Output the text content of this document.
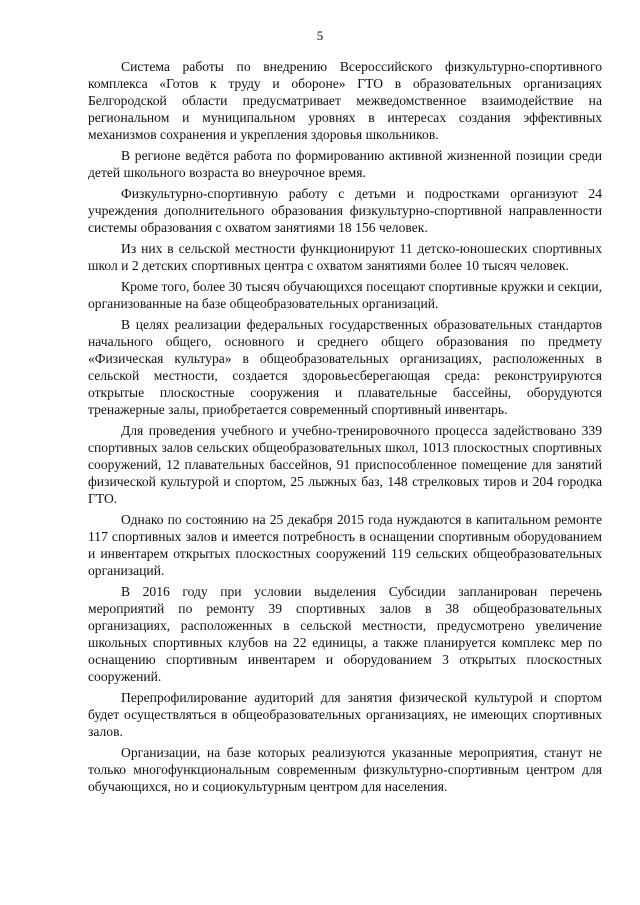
5

Система работы по внедрению Всероссийского физкультурно-спортивного комплекса «Готов к труду и обороне» ГТО в образовательных организациях Белгородской области предусматривает межведомственное взаимодействие на региональном и муниципальном уровнях в интересах создания эффективных механизмов сохранения и укрепления здоровья школьников.

В регионе ведётся работа по формированию активной жизненной позиции среди детей школьного возраста во внеурочное время.

Физкультурно-спортивную работу с детьми и подростками организуют 24 учреждения дополнительного образования физкультурно-спортивной направленности системы образования с охватом занятиями 18 156 человек.

Из них в сельской местности функционируют 11 детско-юношеских спортивных школ и 2 детских спортивных центра с охватом занятиями более 10 тысяч человек.

Кроме того, более 30 тысяч обучающихся посещают спортивные кружки и секции, организованные на базе общеобразовательных организаций.

В целях реализации федеральных государственных образовательных стандартов начального общего, основного и среднего общего образования по предмету «Физическая культура» в общеобразовательных организациях, расположенных в сельской местности, создается здоровьесберегающая среда: реконструируются открытые плоскостные сооружения и плавательные бассейны, оборудуются тренажерные залы, приобретается современный спортивный инвентарь.

Для проведения учебного и учебно-тренировочного процесса задействовано 339 спортивных залов сельских общеобразовательных школ, 1013 плоскостных спортивных сооружений, 12 плавательных бассейнов, 91 приспособленное помещение для занятий физической культурой и спортом, 25 лыжных баз, 148 стрелковых тиров и 204 городка ГТО.

Однако по состоянию на 25 декабря 2015 года нуждаются в капитальном ремонте 117 спортивных залов и имеется потребность в оснащении спортивным оборудованием и инвентарем открытых плоскостных сооружений 119 сельских общеобразовательных организаций.

В 2016 году при условии выделения Субсидии запланирован перечень мероприятий по ремонту 39 спортивных залов в 38 общеобразовательных организациях, расположенных в сельской местности, предусмотрено увеличение школьных спортивных клубов на 22 единицы, а также планируется комплекс мер по оснащению спортивным инвентарем и оборудованием 3 открытых плоскостных сооружений.

Перепрофилирование аудиторий для занятия физической культурой и спортом будет осуществляться в общеобразовательных организациях, не имеющих спортивных залов.

Организации, на базе которых реализуются указанные мероприятия, станут не только многофункциональным современным физкультурно-спортивным центром для обучающихся, но и социокультурным центром для населения.
